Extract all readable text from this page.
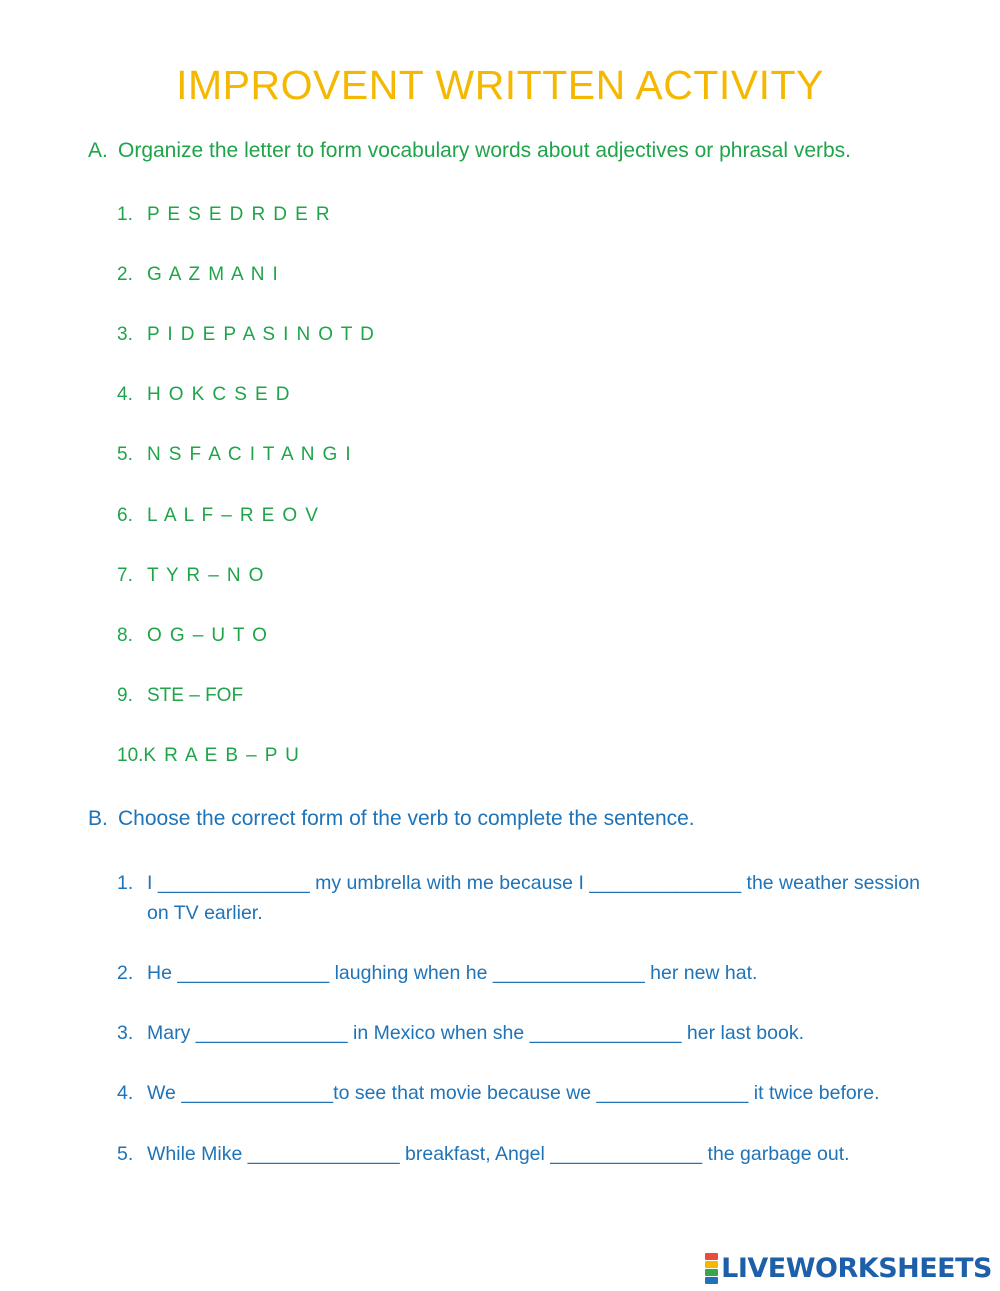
IMPROVENT WRITTEN ACTIVITY
A. Organize the letter to form vocabulary words about adjectives or phrasal verbs.
1. P E S E D R D E R
2. G A Z M A N I
3. P I D E P A S I N O T D
4. H O K C S E D
5. N S F A C I T A N G I
6. L A L F – R E O V
7. T Y R – N O
8. O G – U T O
9. STE – FOF
10.K R A E B – P U
B. Choose the correct form of the verb to complete the sentence.
1. I ______________ my umbrella with me because I ______________ the weather session on TV earlier.
2. He ______________ laughing when he ______________ her new hat.
3. Mary ______________ in Mexico when she ______________ her last book.
4. We ______________to see that movie because we ______________ it twice before.
5. While Mike ______________ breakfast, Angel ______________ the garbage out.
LIVEWORKSHEETS
